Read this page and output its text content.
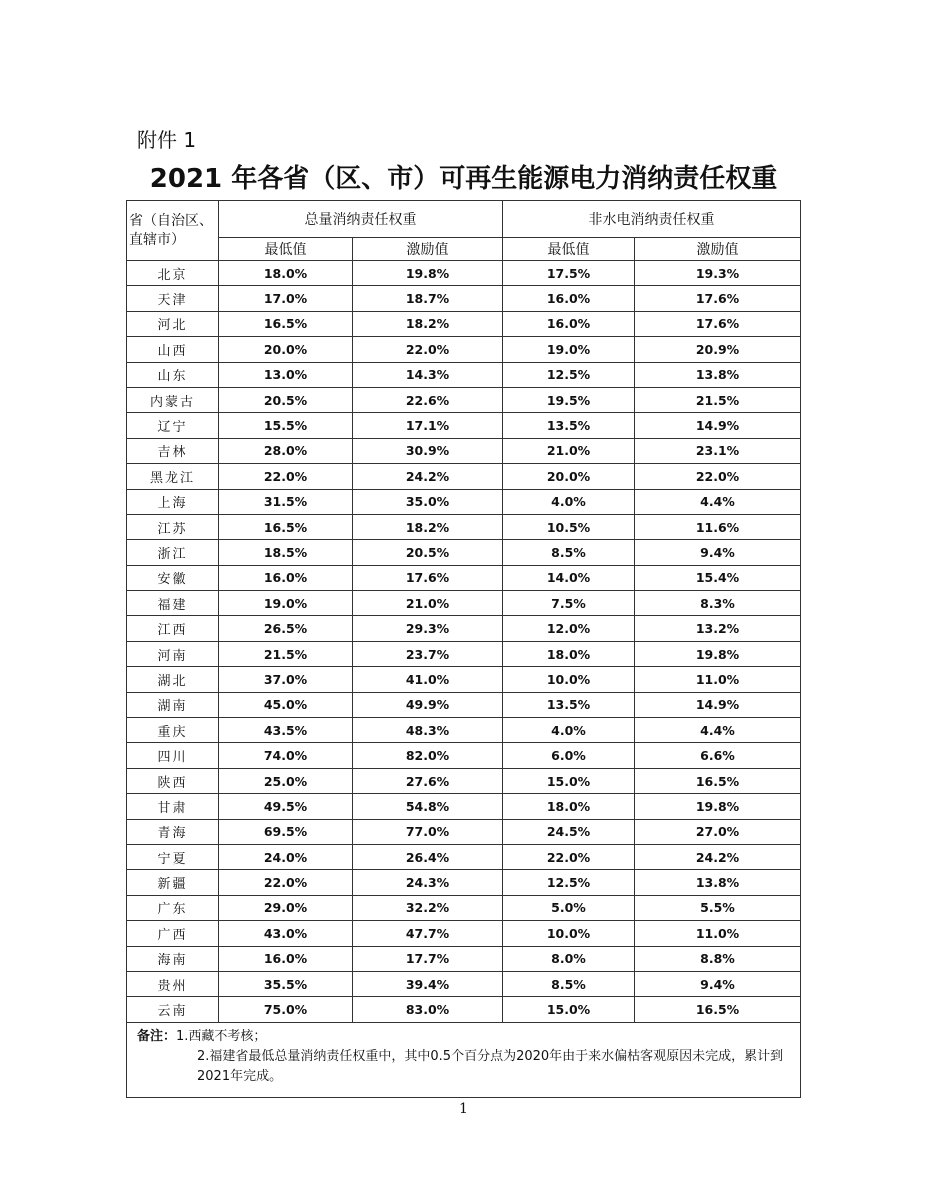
附件 1
2021 年各省（区、市）可再生能源电力消纳责任权重
省（自治区、直辖市）	总量消纳责任权重		非水电消纳责任权重	
	最低值	激励值	最低值	激励值
北京	18.0%	19.8%	17.5%	19.3%
天津	17.0%	18.7%	16.0%	17.6%
河北	16.5%	18.2%	16.0%	17.6%
山西	20.0%	22.0%	19.0%	20.9%
山东	13.0%	14.3%	12.5%	13.8%
内蒙古	20.5%	22.6%	19.5%	21.5%
辽宁	15.5%	17.1%	13.5%	14.9%
吉林	28.0%	30.9%	21.0%	23.1%
黑龙江	22.0%	24.2%	20.0%	22.0%
上海	31.5%	35.0%	4.0%	4.4%
江苏	16.5%	18.2%	10.5%	11.6%
浙江	18.5%	20.5%	8.5%	9.4%
安徽	16.0%	17.6%	14.0%	15.4%
福建	19.0%	21.0%	7.5%	8.3%
江西	26.5%	29.3%	12.0%	13.2%
河南	21.5%	23.7%	18.0%	19.8%
湖北	37.0%	41.0%	10.0%	11.0%
湖南	45.0%	49.9%	13.5%	14.9%
重庆	43.5%	48.3%	4.0%	4.4%
四川	74.0%	82.0%	6.0%	6.6%
陕西	25.0%	27.6%	15.0%	16.5%
甘肃	49.5%	54.8%	18.0%	19.8%
青海	69.5%	77.0%	24.5%	27.0%
宁夏	24.0%	26.4%	22.0%	24.2%
新疆	22.0%	24.3%	12.5%	13.8%
广东	29.0%	32.2%	5.0%	5.5%
广西	43.0%	47.7%	10.0%	11.0%
海南	16.0%	17.7%	8.0%	8.8%
贵州	35.5%	39.4%	8.5%	9.4%
云南	75.0%	83.0%	15.0%	16.5%

备注：1.西藏不考核；
2.福建省最低总量消纳责任权重中，其中0.5个百分点为2020年由于来水偏枯客观原因未完成，累计到2021年完成。				
1
